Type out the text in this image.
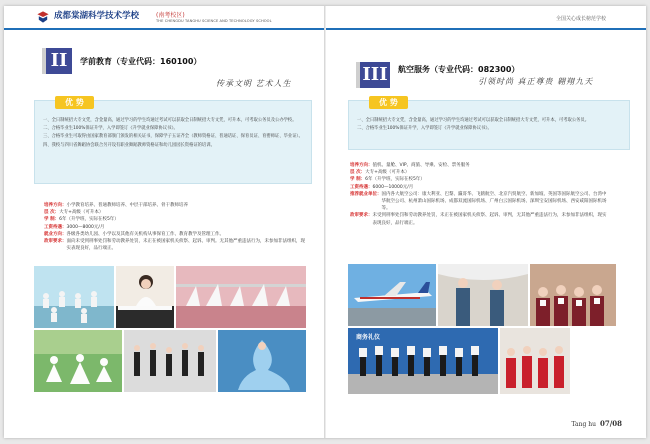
成都棠湖科学技术学校	(南考校区)
THE CHENGDU TANGHU SCIENCE AND TECHNOLOGY SCHOOL
II	学前教育（专业代码：160100）
传承文明 艺术人生
优 势

一、全日制统招大专文凭，含金量高，通过学习的学生均通过考试可以获取全日制统招大专文凭，可升本，可考取公务员及公办学校。

二、合格毕业生100%保证升学，入学即签订《升学就业保障协议书》。

三、合格毕业生可取得由国家教育部颁门颁发的相关证书，保障学子五证齐全（教师资格证、普通话证、保育员证、育婴师证、毕业证）。

四、我校与四川省舞蹈协会联合另开设有职业舞蹈教师资格证和幼儿园园长资格证的培训。

培养方向： 小学教育培养、普通教师培养、中层干部培养、骨干教师培养
层 次： 大专+高级（可升本）
学 制： 6年（升学班，实际在校5年）
工资待遇： 3000—8000元/月
就业方向： 各级各类幼儿园、小学以及其他有关机构从事保育工作、教育教学及管理工作。
政审要求： 面向未受到刑事处罚和劳动教养处罚，未正在被国家机关侦察、起诉、审判。无其他严重违法行为，未参加非法组织，现实表现良好，品行端正。
全国关心成长榜范学校
III 航空服务（专业代码：082300）
引领时尚 真正尊贵 翱翔九天
优 势

一、全日制统招大专文凭，含金量高，通过学习的学生均通过考试可以获取全日制统招大专文凭，可升本，可考取公务员。

二、合格毕业生100%保证升学，入学即签订《升学就业保障协议书》。

培养方向： 值机、量舱、VIP、商旅、导乘、安检、票务服务
层 次： 大专+高级（可升本）
学 制： 6年（升学班，实际在校5年）
工资待遇： 6000—10000元/月
推荐就业单位： 国内各大航空公司：康大利亚、巴黎、瀛哥华、飞鹤航空、北京汽贸航空、新加坡、英国等国际航空公司、台湾中华航空公司、杭州萧山国际机场、成都双流国际机场、广州白云国际机场、深圳宝安国际机场、西安咸阳国际机场等。
政审要求： 未受到刑事处罚和劳动教养处罚，未正在被国家机关侦察、起诉、审判，无其他严重违法行为，未参加非法组织，现实表现良好，品行端正。
商务礼仪
Tang hu 07/08
